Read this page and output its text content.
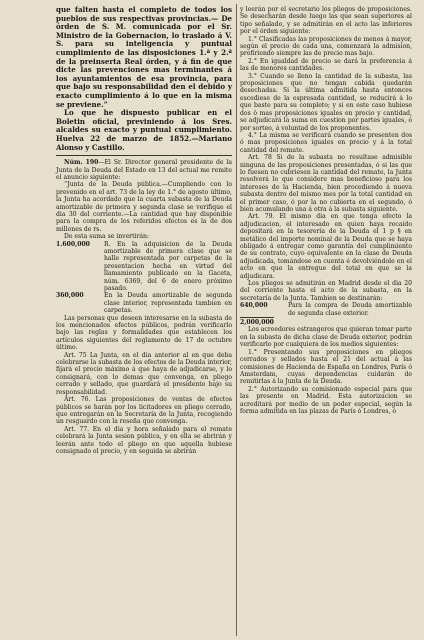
que falten hasta el completo de todos los pueblos de sus respectivas provincias.— De órden de S. M. comunicada por el Sr. Ministro de la Gobernacion, lo traslado á V. S. para su inteligencia y puntual cumplimiento de las disposiciones 1.ª y 2.ª de la preinserta Real órden, y á fin de que dicte las prevenciones mas terminantes á los ayuntamientos de esa provincia, para que bajo su responsabilidad den el debido y exacto cumplimiento á lo que en la misma se previene.”

Lo que he dispuesto publicar en el Boletin oficial, previniendo á los Sres. alcaldes su exacto y puntual cumplimiento. Huelva 22 de marzo de 1852.—Mariano Alonso y Castillo.

Núm. 190—El Sr. Director general presidente de la Junta de la Deuda del Estado en 13 del actual me remite el anuncio siguiente:

“Junta de la Deuda pública.—Cumpliendo con lo prevenido en el art. 73 de la ley de 1.° de agosto último, la Junta ha acordado que la cuarta subasta de la Deuda amortizable de primera y segunda clase se verifique el dia 30 del corriente.—La cantidad que hay disponible para la compra de los referidos efectos es la de dos millones de rs.

De esta suma se invertirán:

1.600,000	R. En la adquisicion de la Deuda amortizable de primera clase que se halle representada por carpetas de la presentacion hecha en virtud del llamamiento publicado en la Gaceta, núm. 6369, del 6 de enero próximo pasado.
360,000	En la Deuda amortizable de segunda clase interior, representada tambien en carpetas.

Las personas que deseen interesarse en la subasta de los mencionados efectos públicos, podrán verificarlo bajo las reglas y formalidades que establecen los artículos siguientes del reglamento de 17 de octubre último.

Art. 75 La Junta, en el dia anterior al en que deba celebrarse la subasta de los efectos de la Deuda interior, fijará el precio máximo á que haya de adjudicarse, y lo consignará, con lo demas que convenga, en pliego cerrado y sellado, que guardará el presidente bajo su responsabilidad.

Art. 76. Las proposiciones de ventas de efectos públicos se harán por los licitadores en pliego cerrado, que entregarán en la Secretaría de la Junta, recogiendo un resguardo con la reseña que convenga.

Art. 77. En el dia y hora señalado para el remate celebrará la Junta sesion pública, y en ella se abrirán y leerán ante todo el pliego en que aquella hubiese consignado el precio, y en seguida se abrirán

y leerán por el secretario los pliegos de proposiciones. Se desecharán desde luego las que sean superiores al tipo señalado, y se admitirán en el acto las inferiores por el órden siguiente:

1.° Clasificadas las proposiciones de menos á mayor, según el precio de cada una, comenzará la admision, prefiriendo siempre las de precio mas bajo.

2.° En igualdad de precio se dará la preferencia á las de menores cantidades.

3.° Cuando se lleno la cantidad de la subasta, las proposiciones que no tengan cabida quedarán desechadas. Si la última admitida hasta entonces escediese de la espresada cantidad, se reducirá á lo que baste para su completo; y si en este caso hubiese dos ó mas proposiciones iguales en precio y cantidad, se adjudicará la suma en cuestion por partes iguales, ó por sorteo, á voluntad de los proponentes.

4.° La misma se verificará cuando se presenten dos ó mas proposiciones iguales en precio y á la total cantidad del remate.

Art. 78 Si de la subasta no resultase admisible ninguna de las proposiciones presentadas, ó si las que lo fuesen no cubriesen la cantidad del remate, la Junta resolverá lo que considere mas beneficioso para los intereses de la Hacienda, bien procediendo á nueva subasta dentro del mismo mes por la total cantidad en el primer caso, ó por la no cubierta en el segundo, ó bien acumulando una á otra á la subasta siguiente.

Art. 79. El mismo dia en que tenga efecto la adjudicacion, el interesado en quien haya recaido depositará en la tesorería de la Deuda el 1 p § en metálico del importe nominal de la Deuda que se haya obligado á entregar como garantía del cumplimiento de su contrato, cuyo equivalente en la clase de Deuda adjudicada, tomándose en cuenta é devolviéndole en el acto en que la entregue del total en que se la adjudicara.

Los pliegos se admitirán en Madrid desde el dia 20 del corriente hasta el acto de la subasta, en la secretaría de la Junta. Tambien se destinarán:

640,000	Para la compra de Deuda amortizable de segunda clase exterior.
2,000,000

Los acreedores estrangeros que quieran tomar parte en la subasta de dicha clase de Deuda exterior, podrán verificarlo por cualquiera de los medios siguientes:

1.° Presentando sus proposiciones en pliegos cerrados y sellados hasta el 21 del actual á las comisiones de Hacienda de España en Londres, París ó Amsterdam, cuyas dependencias cuidarán de remitirlas á la Junta de la Deuda.

2.° Autorizando su comisionado especial para que las presente en Madrid. Esta autorizacion se acreditará por medio de un poder especial, según la forma admitida en las plazas de París ó Londres, ó
